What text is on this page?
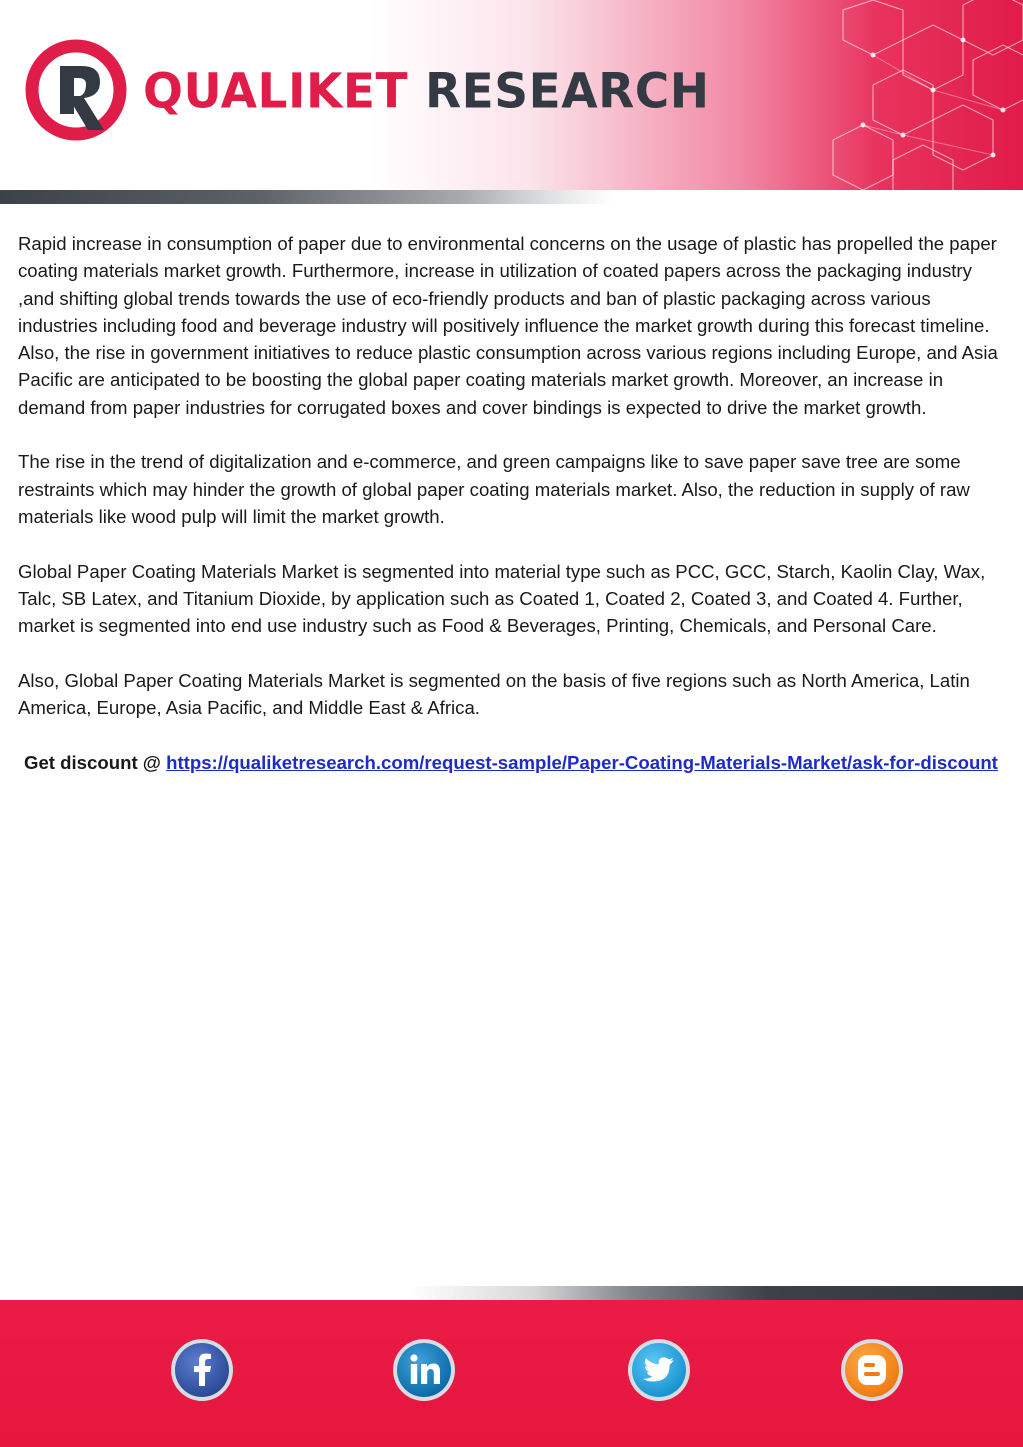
QUALIKET RESEARCH

Rapid increase in consumption of paper due to environmental concerns on the usage of plastic has propelled the paper coating materials market growth. Furthermore, increase in utilization of coated papers across the packaging industry ,and shifting global trends towards the use of eco-friendly products and ban of plastic packaging across various industries including food and beverage industry will positively influence the market growth during this forecast timeline. Also, the rise in government initiatives to reduce plastic consumption across various regions including Europe, and Asia Pacific are anticipated to be boosting the global paper coating materials market growth. Moreover, an increase in demand from paper industries for corrugated boxes and cover bindings is expected to drive the market growth.

The rise in the trend of digitalization and e-commerce, and green campaigns like to save paper save tree are some restraints which may hinder the growth of global paper coating materials market. Also, the reduction in supply of raw materials like wood pulp will limit the market growth.

Global Paper Coating Materials Market is segmented into material type such as PCC, GCC, Starch, Kaolin Clay, Wax, Talc, SB Latex, and Titanium Dioxide, by application such as Coated 1, Coated 2, Coated 3, and Coated 4. Further, market is segmented into end use industry such as Food & Beverages, Printing, Chemicals, and Personal Care.

Also, Global Paper Coating Materials Market is segmented on the basis of five regions such as North America, Latin America, Europe, Asia Pacific, and Middle East & Africa.

Get discount @ https://qualiketresearch.com/request-sample/Paper-Coating-Materials-Market/ask-for-discount
